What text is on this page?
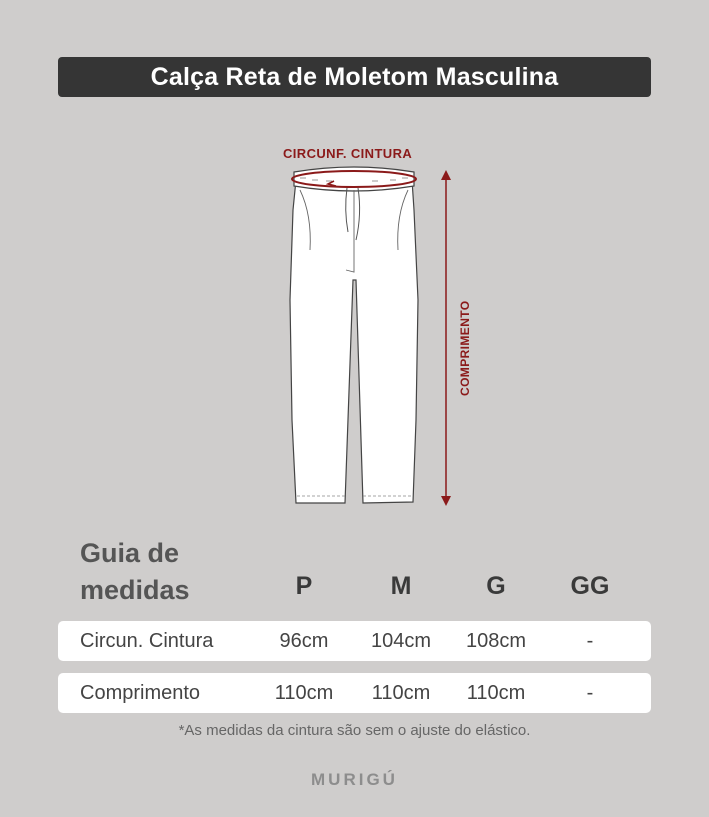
Calça Reta de Moletom Masculina
CIRCUNF. CINTURA
COMPRIMENTO
Guia de
medidas	P	M	G	GG
Circun. Cintura	96cm	104cm	108cm	-
Comprimento	110cm	110cm	110cm	-
*As medidas da cintura são sem o ajuste do elástico.
MURIGÚ
